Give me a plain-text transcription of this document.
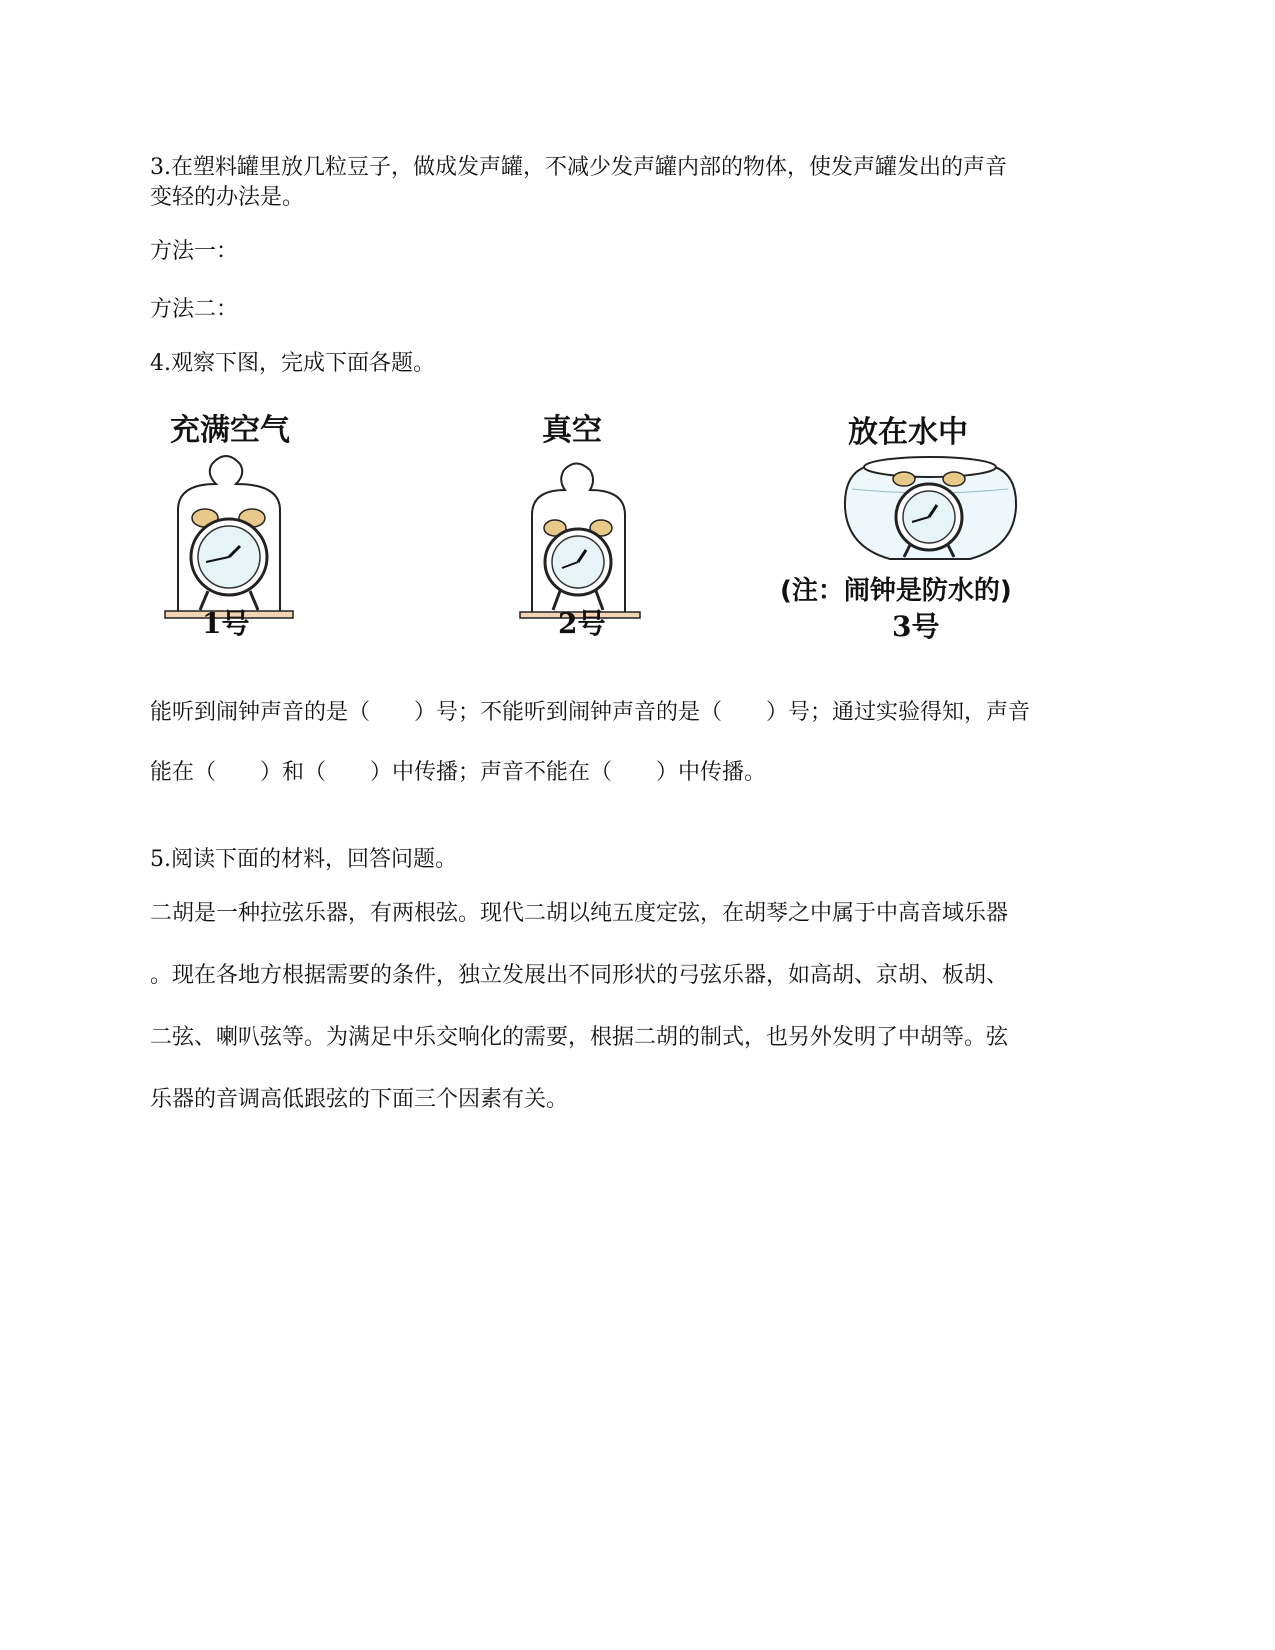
3.在塑料罐里放几粒豆子，做成发声罐，不减少发声罐内部的物体，使发声罐发出的声音
变轻的办法是。
方法一：
方法二：
4.观察下图，完成下面各题。
充满空气
1号
真空
2号
放在水中
(注：闹钟是防水的)
3号
能听到闹钟声音的是（　　）号；不能听到闹钟声音的是（　　）号；通过实验得知，声音
能在（　　）和（　　）中传播；声音不能在（　　）中传播。
5.阅读下面的材料，回答问题。
二胡是一种拉弦乐器，有两根弦。现代二胡以纯五度定弦，在胡琴之中属于中高音域乐器
。现在各地方根据需要的条件，独立发展出不同形状的弓弦乐器，如高胡、京胡、板胡、
二弦、喇叭弦等。为满足中乐交响化的需要，根据二胡的制式，也另外发明了中胡等。弦
乐器的音调高低跟弦的下面三个因素有关。
